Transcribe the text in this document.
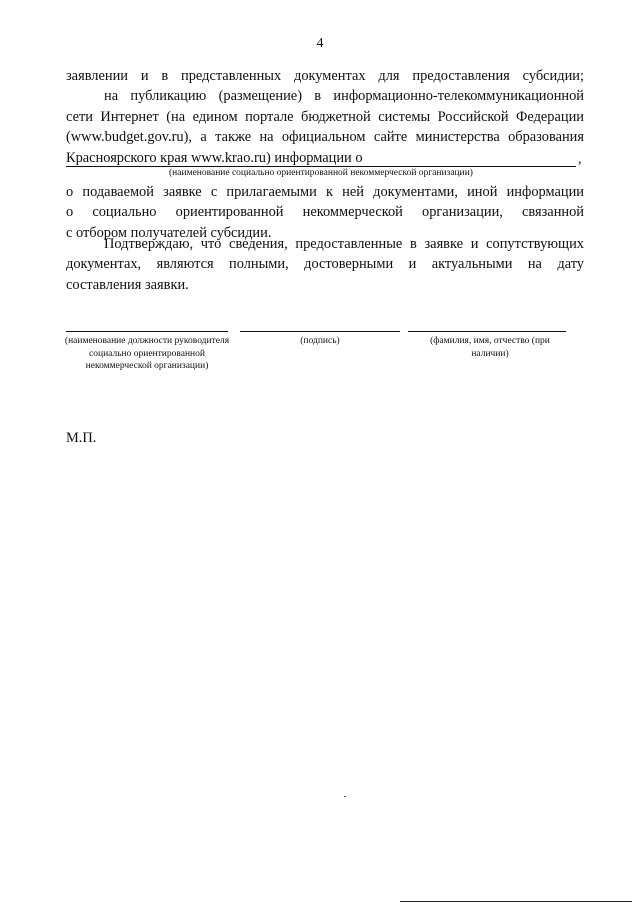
4

заявлении и в представленных документах для предоставления субсидии;

на публикацию (размещение) в информационно-телекоммуникационной

сети Интернет (на едином портале бюджетной системы Российской Федерации

(www.budget.gov.ru), а также на официальном сайте министерства образования

Красноярского края www.krao.ru) информации о	,
(наименование социально ориентированной некоммерческой организации)

о подаваемой заявке с прилагаемыми к ней документами, иной информации

о социально ориентированной некоммерческой организации, связанной

с отбором получателей субсидии.

Подтверждаю, что сведения, предоставленные в заявке и сопутствующих

документах, являются полными, достоверными и актуальными на дату

составления заявки.

(наименование должности руководителя социально ориентированной некоммерческой организации)
(подпись)	(фамилия, имя, отчество (при наличии)
М.П.
